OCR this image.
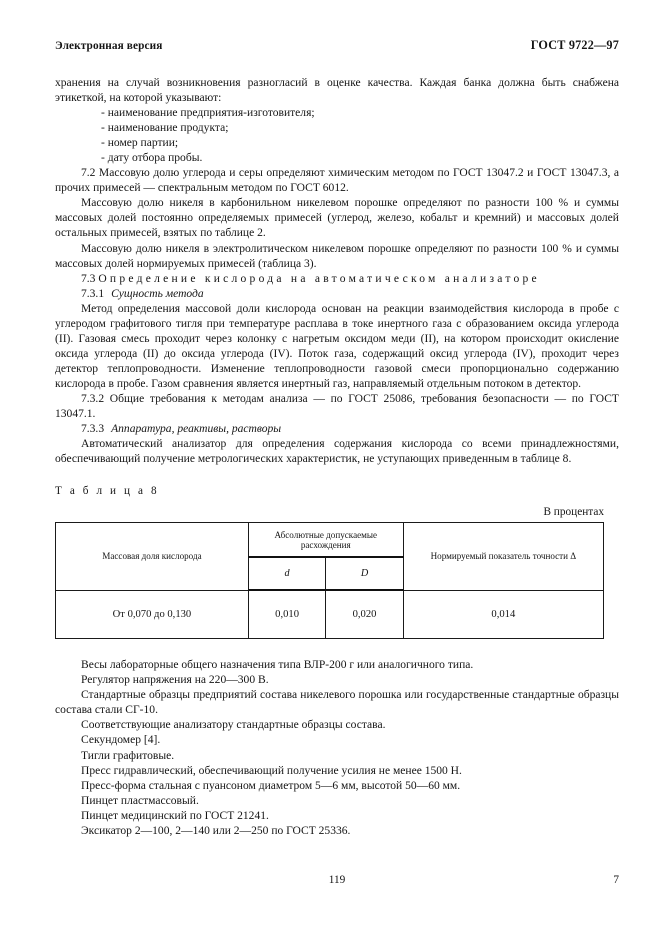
Электронная версия	ГОСТ 9722—97

хранения на случай возникновения разногласий в оценке качества. Каждая банка должна быть снабжена этикеткой, на которой указывают:

- наименование предприятия-изготовителя;

- наименование продукта;

- номер партии;

- дату отбора пробы.

7.2 Массовую долю углерода и серы определяют химическим методом по ГОСТ 13047.2 и ГОСТ 13047.3, а прочих примесей — спектральным методом по ГОСТ 6012.

Массовую долю никеля в карбонильном никелевом порошке определяют по разности 100 % и суммы массовых долей постоянно определяемых примесей (углерод, железо, кобальт и кремний) и массовых долей остальных примесей, взятых по таблице 2.

Массовую долю никеля в электролитическом никелевом порошке определяют по разности 100 % и суммы массовых долей нормируемых примесей (таблица 3).

7.3 Определение кислорода на автоматическом анализаторе

7.3.1 Сущность метода

Метод определения массовой доли кислорода основан на реакции взаимодействия кислорода в пробе с углеродом графитового тигля при температуре расплава в токе инертного газа с образованием оксида углерода (II). Газовая смесь проходит через колонку с нагретым оксидом меди (II), на котором происходит окисление оксида углерода (II) до оксида углерода (IV). Поток газа, содержащий оксид углерода (IV), проходит через детектор теплопроводности. Изменение теплопроводности газовой смеси пропорционально содержанию кислорода в пробе. Газом сравнения является инертный газ, направляемый отдельным потоком в детектор.

7.3.2 Общие требования к методам анализа — по ГОСТ 25086, требования безопасности — по ГОСТ 13047.1.

7.3.3 Аппаратура, реактивы, растворы

Автоматический анализатор для определения содержания кислорода со всеми принадлежностями, обеспечивающий получение метрологических характеристик, не уступающих приведенным в таблице 8.

Т а б л и ц а 8

В процентах

Массовая доля кислорода	Абсолютные допускаемые расхождения		Нормируемый показатель точности Δ
	d	D	
От 0,070 до 0,130	0,010	0,020	0,014

Весы лабораторные общего назначения типа ВЛР-200 г или аналогичного типа.

Регулятор напряжения на 220—300 В.

Стандартные образцы предприятий состава никелевого порошка или государственные стандартные образцы состава стали СГ-10.

Соответствующие анализатору стандартные образцы состава.

Секундомер [4].

Тигли графитовые.

Пресс гидравлический, обеспечивающий получение усилия не менее 1500 Н.

Пресс-форма стальная с пуансоном диаметром 5—6 мм, высотой 50—60 мм.

Пинцет пластмассовый.

Пинцет медицинский по ГОСТ 21241.

Эксикатор 2—100, 2—140 или 2—250 по ГОСТ 25336.

119	7
